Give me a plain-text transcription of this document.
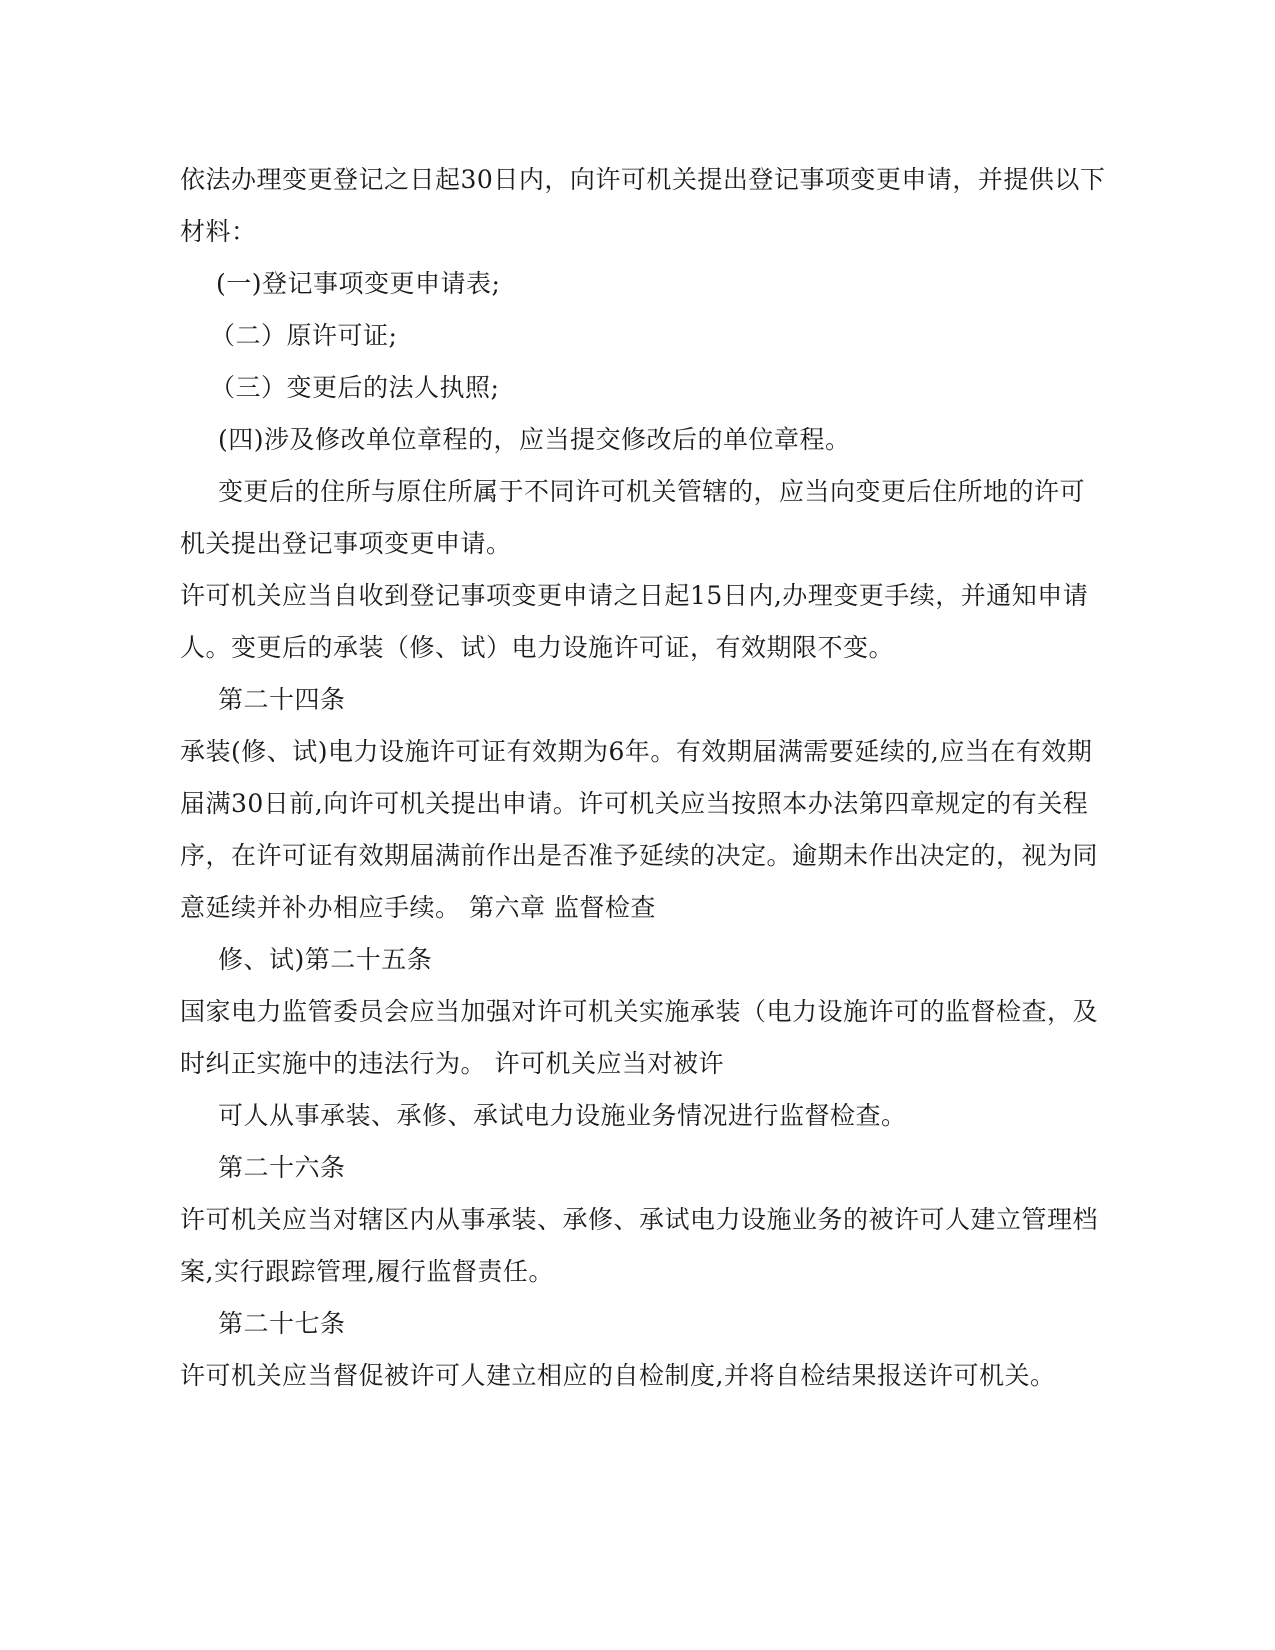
依法办理变更登记之日起30日内，向许可机关提出登记事项变更申请，并提供以下
材料：
(一)登记事项变更申请表;
（二）原许可证;
（三）变更后的法人执照;
(四)涉及修改单位章程的，应当提交修改后的单位章程。
变更后的住所与原住所属于不同许可机关管辖的，应当向变更后住所地的许可
机关提出登记事项变更申请。
许可机关应当自收到登记事项变更申请之日起15日内,办理变更手续，并通知申请
人。变更后的承装（修、试）电力设施许可证，有效期限不变。
第二十四条
承装(修、试)电力设施许可证有效期为6年。有效期届满需要延续的,应当在有效期
届满30日前,向许可机关提出申请。许可机关应当按照本办法第四章规定的有关程
序，在许可证有效期届满前作出是否准予延续的决定。逾期未作出决定的，视为同
意延续并补办相应手续。 第六章 监督检查
修、试)第二十五条
国家电力监管委员会应当加强对许可机关实施承装（电力设施许可的监督检查，及
时纠正实施中的违法行为。 许可机关应当对被许
可人从事承装、承修、承试电力设施业务情况进行监督检查。
第二十六条
许可机关应当对辖区内从事承装、承修、承试电力设施业务的被许可人建立管理档
案,实行跟踪管理,履行监督责任。
第二十七条
许可机关应当督促被许可人建立相应的自检制度,并将自检结果报送许可机关。
